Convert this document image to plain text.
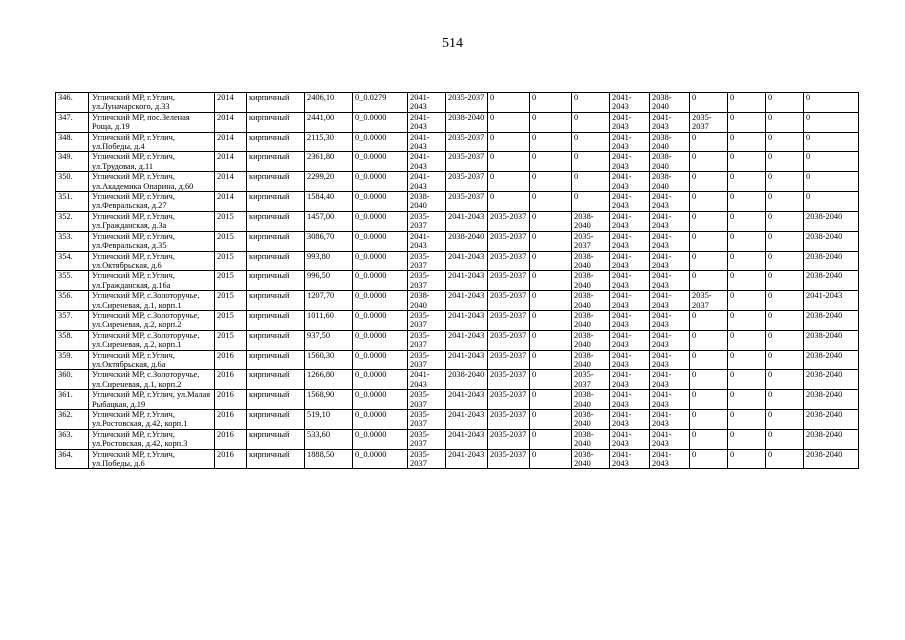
514
346.	Угличский МР, г.Углич, ул.Луначарского, д.33	2014	кирпичный	2406,10	0_0.0279	2041-2043	2035-2037	0	0	0	2041-2043	2038-2040	0	0	0	0
347.	Угличский МР, пос.Зеленая Роща, д.19	2014	кирпичный	2441,00	0_0.0000	2041-2043	2038-2040	0	0	0	2041-2043	2041-2043	2035-2037	0	0	0
348.	Угличский МР, г.Углич, ул.Победы, д.4	2014	кирпичный	2115,30	0_0.0000	2041-2043	2035-2037	0	0	0	2041-2043	2038-2040	0	0	0	0
349.	Угличский МР, г.Углич, ул.Трудовая, д.11	2014	кирпичный	2361,80	0_0.0000	2041-2043	2035-2037	0	0	0	2041-2043	2038-2040	0	0	0	0
350.	Угличский МР, г.Углич, ул.Академика Опарина, д.60	2014	кирпичный	2299,20	0_0.0000	2041-2043	2035-2037	0	0	0	2041-2043	2038-2040	0	0	0	0
351.	Угличский МР, г.Углич, ул.Февральская, д.27	2014	кирпичный	1584,40	0_0.0000	2038-2040	2035-2037	0	0	0	2041-2043	2041-2043	0	0	0	0
352.	Угличский МР, г.Углич, ул.Гражданская, д.3а	2015	кирпичный	1457,00	0_0.0000	2035-2037	2041-2043	2035-2037	0	2038-2040	2041-2043	2041-2043	0	0	0	2038-2040
353.	Угличский МР, г.Углич, ул.Февральская, д.35	2015	кирпичный	3086,70	0_0.0000	2041-2043	2038-2040	2035-2037	0	2035-2037	2041-2043	2041-2043	0	0	0	2038-2040
354.	Угличский МР, г.Углич, ул.Октябрьская, д.6	2015	кирпичный	993,80	0_0.0000	2035-2037	2041-2043	2035-2037	0	2038-2040	2041-2043	2041-2043	0	0	0	2038-2040
355.	Угличский МР, г.Углич, ул.Гражданская, д.16а	2015	кирпичный	996,50	0_0.0000	2035-2037	2041-2043	2035-2037	0	2038-2040	2041-2043	2041-2043	0	0	0	2038-2040
356.	Угличский МР, с.Золоторучье, ул.Сиреневая, д.1, корп.1	2015	кирпичный	1207,70	0_0.0000	2038-2040	2041-2043	2035-2037	0	2038-2040	2041-2043	2041-2043	2035-2037	0	0	2041-2043
357.	Угличский МР, с.Золоторучье, ул.Сиреневая, д.2, корп.2	2015	кирпичный	1011,60	0_0.0000	2035-2037	2041-2043	2035-2037	0	2038-2040	2041-2043	2041-2043	0	0	0	2038-2040
358.	Угличский МР, с.Золоторучье, ул.Сиреневая, д.2, корп.1	2015	кирпичный	937,50	0_0.0000	2035-2037	2041-2043	2035-2037	0	2038-2040	2041-2043	2041-2043	0	0	0	2038-2040
359.	Угличский МР, г.Углич, ул.Октябрьская, д.6а	2016	кирпичный	1560,30	0_0.0000	2035-2037	2041-2043	2035-2037	0	2038-2040	2041-2043	2041-2043	0	0	0	2038-2040
360.	Угличский МР, с.Золоторучье, ул.Сиреневая, д.1, корп.2	2016	кирпичный	1266,80	0_0.0000	2041-2043	2038-2040	2035-2037	0	2035-2037	2041-2043	2041-2043	0	0	0	2038-2040
361.	Угличский МР, г.Углич, ул.Малая Рыбацкая, д.19	2016	кирпичный	1568,90	0_0.0000	2035-2037	2041-2043	2035-2037	0	2038-2040	2041-2043	2041-2043	0	0	0	2038-2040
362.	Угличский МР, г.Углич, ул.Ростовская, д.42, корп.1	2016	кирпичный	519,10	0_0.0000	2035-2037	2041-2043	2035-2037	0	2038-2040	2041-2043	2041-2043	0	0	0	2038-2040
363.	Угличский МР, г.Углич, ул.Ростовская, д.42, корп.3	2016	кирпичный	533,60	0_0.0000	2035-2037	2041-2043	2035-2037	0	2038-2040	2041-2043	2041-2043	0	0	0	2038-2040
364.	Угличский МР, г.Углич, ул.Победы, д.6	2016	кирпичный	1888,50	0_0.0000	2035-2037	2041-2043	2035-2037	0	2038-2040	2041-2043	2041-2043	0	0	0	2038-2040
